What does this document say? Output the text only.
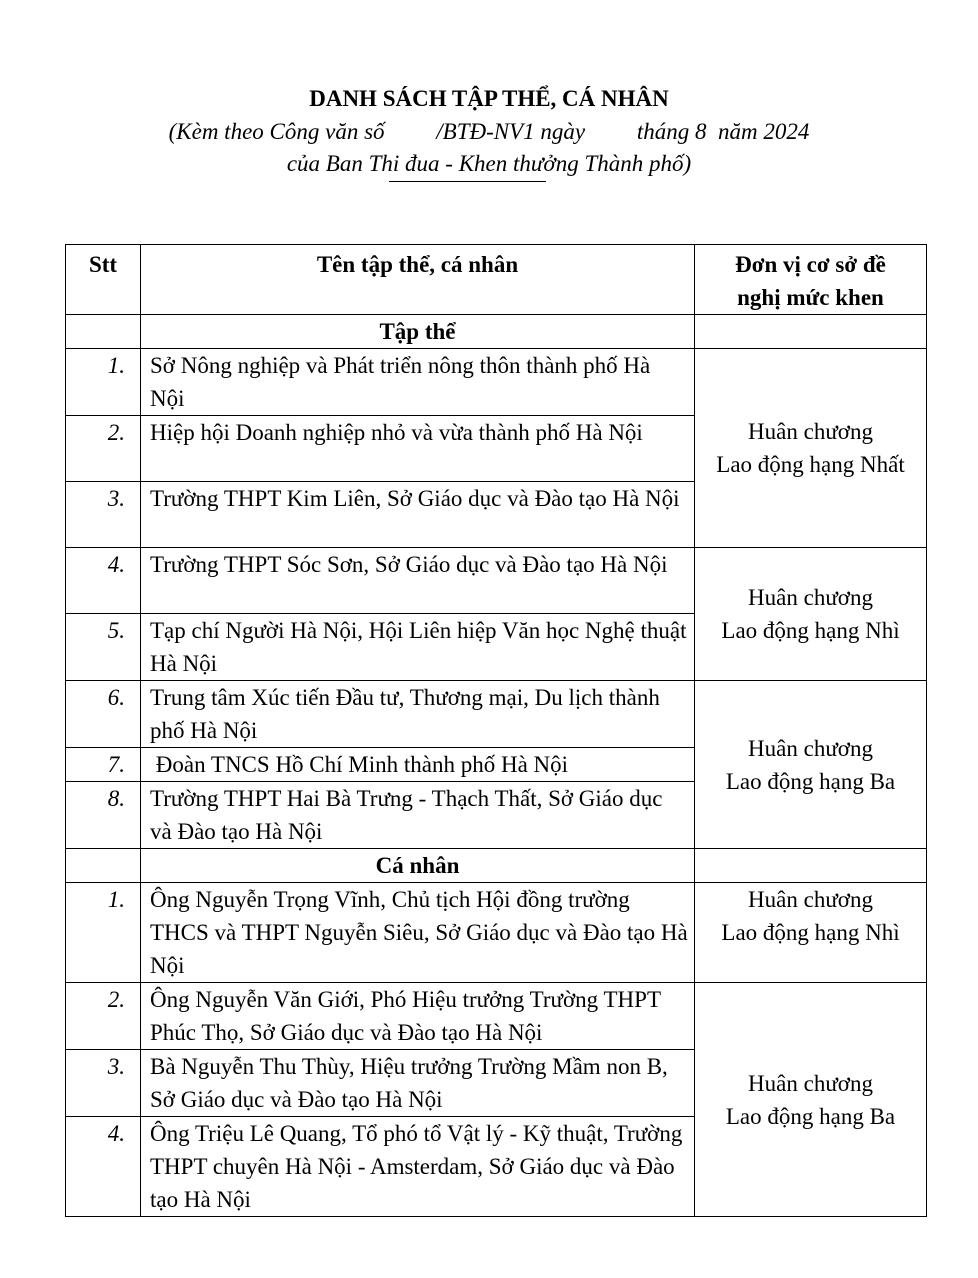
DANH SÁCH TẬP THỂ, CÁ NHÂN
(Kèm theo Công văn số         /BTĐ-NV1 ngày         tháng 8  năm 2024
của Ban Thi đua - Khen thưởng Thành phố)
Stt	Tên tập thể, cá nhân	Đơn vị cơ sở đề
nghị mức khen

	Tập thể	
1.	Sở Nông nghiệp và Phát triển nông thôn thành phố Hà Nội	Huân chương
Lao động hạng Nhất

2.	Hiệp hội Doanh nghiệp nhỏ và vừa thành phố Hà Nội	
3.	Trường THPT Kim Liên, Sở Giáo dục và Đào tạo Hà Nội	
4.	Trường THPT Sóc Sơn, Sở Giáo dục và Đào tạo Hà Nội	Huân chương
Lao động hạng Nhì

5.	Tạp chí Người Hà Nội, Hội Liên hiệp Văn học Nghệ thuật Hà Nội	
6.	Trung tâm Xúc tiến Đầu tư, Thương mại, Du lịch thành phố Hà Nội	Huân chương
Lao động hạng Ba

7.	Đoàn TNCS Hồ Chí Minh thành phố Hà Nội	
8.	Trường THPT Hai Bà Trưng - Thạch Thất, Sở Giáo dục và Đào tạo Hà Nội	
	Cá nhân	
1.	Ông Nguyễn Trọng Vĩnh, Chủ tịch Hội đồng trường THCS và THPT Nguyễn Siêu, Sở Giáo dục và Đào tạo Hà Nội	Huân chương
Lao động hạng Nhì

2.	Ông Nguyễn Văn Giới, Phó Hiệu trưởng Trường THPT Phúc Thọ, Sở Giáo dục và Đào tạo Hà Nội	Huân chương
Lao động hạng Ba

3.	Bà Nguyễn Thu Thùy, Hiệu trưởng Trường Mầm non B, Sở Giáo dục và Đào tạo Hà Nội	
4.	Ông Triệu Lê Quang, Tổ phó tổ Vật lý - Kỹ thuật, Trường THPT chuyên Hà Nội - Amsterdam, Sở Giáo dục và Đào tạo Hà Nội	
